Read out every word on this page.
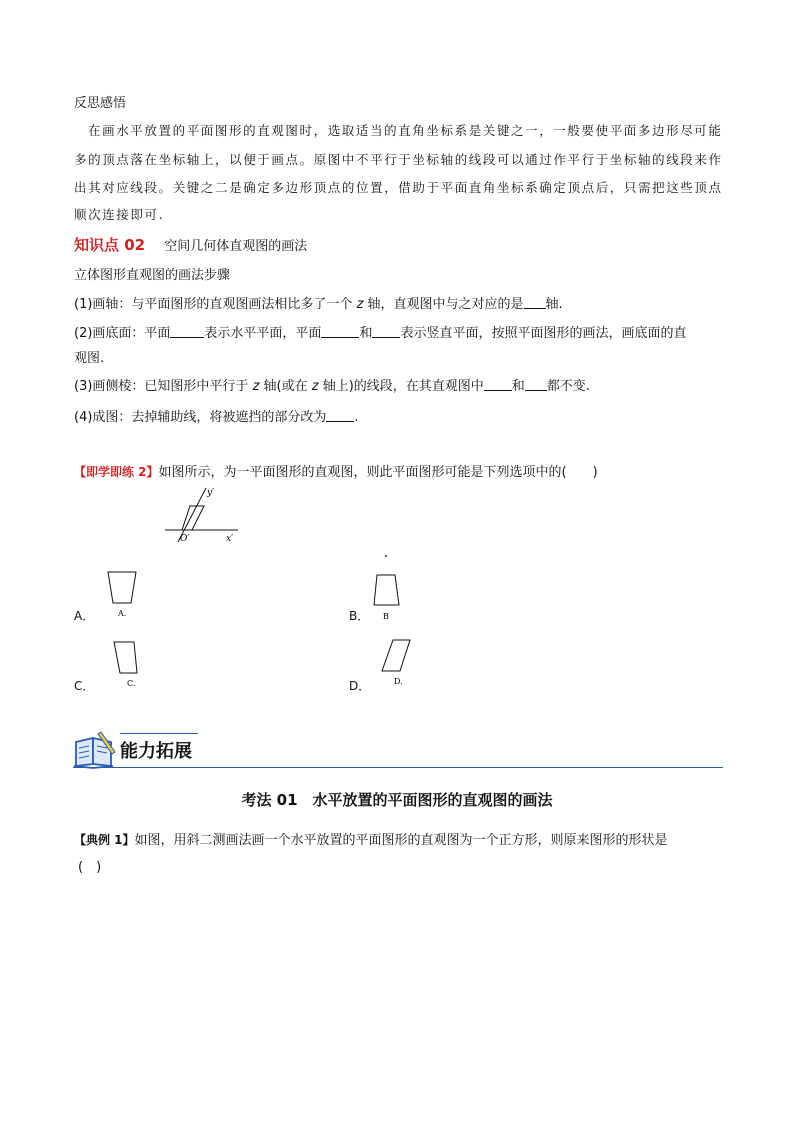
反思感悟
在画水平放置的平面图形的直观图时，选取适当的直角坐标系是关键之一，一般要使平面多边形尽可能
多的顶点落在坐标轴上，以便于画点。原图中不平行于坐标轴的线段可以通过作平行于坐标轴的线段来作
出其对应线段。关键之二是确定多边形顶点的位置，借助于平面直角坐标系确定顶点后，只需把这些顶点
顺次连接即可.
知识点 02 空间几何体直观图的画法
立体图形直观图的画法步骤
(1)画轴：与平面图形的直观图画法相比多了一个 z 轴，直观图中与之对应的是 轴.
(2)画底面：平面	表示水平平面，平面	和 表示竖直平面，按照平面图形的画法，画底面的直
观图.
(3)画侧棱：已知图形中平行于 z 轴(或在 z 轴上)的线段，在其直观图中 和 都不变.
(4)成图：去掉辅助线，将被遮挡的部分改为 .
【即学即练 2】如图所示，为一平面图形的直观图，则此平面图形可能是下列选项中的(　　)
y′
x′
O′
A．	A.	B． B
C．	C.	D．	D.
能力拓展
考法 01　水平放置的平面图形的直观图的画法
【典例 1】如图，用斜二测画法画一个水平放置的平面图形的直观图为一个正方形，则原来图形的形状是
(　)
